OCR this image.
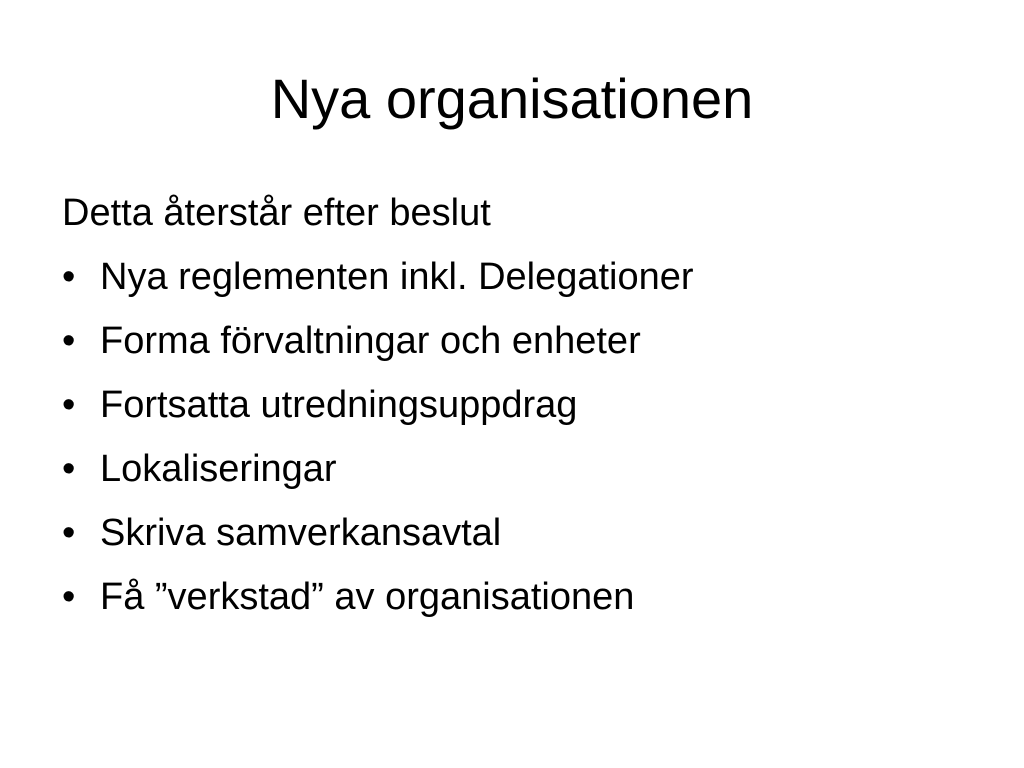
Nya organisationen

Detta återstår efter beslut

• Nya reglementen inkl. Delegationer
• Forma förvaltningar och enheter
• Fortsatta utredningsuppdrag
• Lokaliseringar
• Skriva samverkansavtal
• Få ”verkstad” av organisationen
